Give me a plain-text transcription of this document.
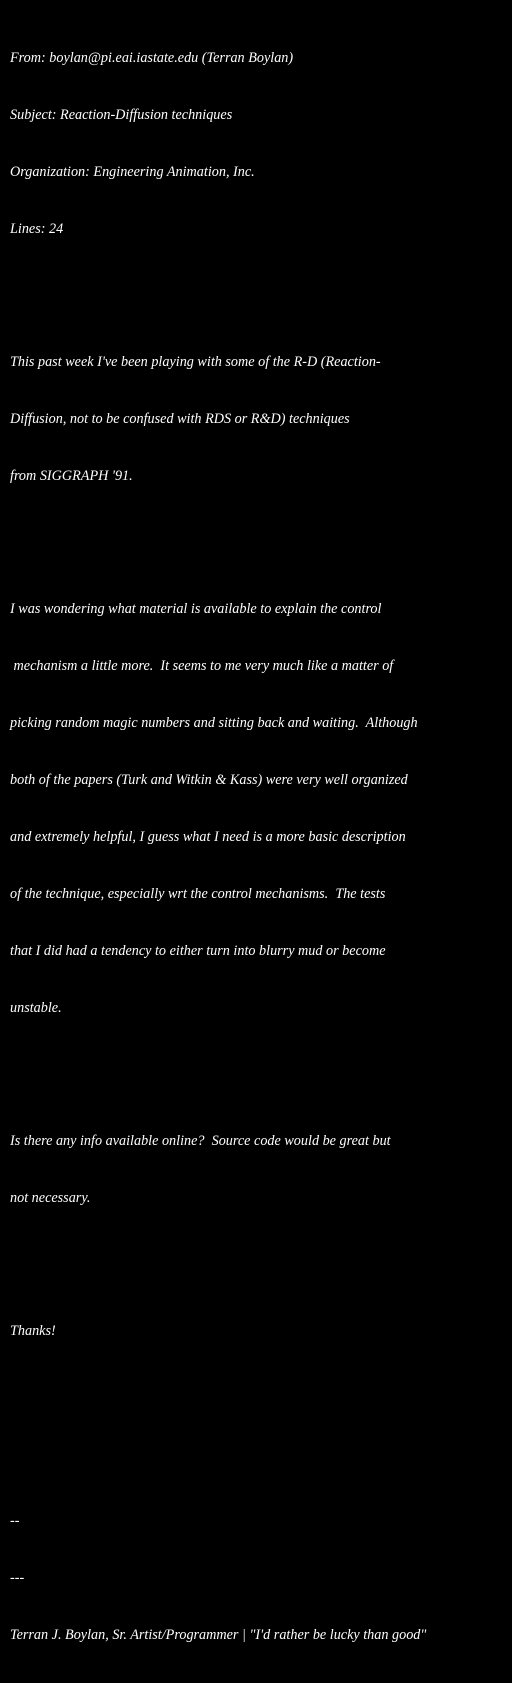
From: boylan@pi.eai.iastate.edu (Terran Boylan)

Subject: Reaction-Diffusion techniques

Organization: Engineering Animation, Inc.

Lines: 24

This past week I've been playing with some of the R-D (Reaction-

Diffusion, not to be confused with RDS or R&D) techniques

from SIGGRAPH '91.

I was wondering what material is available to explain the control

mechanism a little more.  It seems to me very much like a matter of

picking random magic numbers and sitting back and waiting.  Although

both of the papers (Turk and Witkin & Kass) were very well organized

and extremely helpful, I guess what I need is a more basic description

of the technique, especially wrt the control mechanisms.  The tests

that I did had a tendency to either turn into blurry mud or become

unstable.

Is there any info available online?  Source code would be great but

not necessary.

Thanks!

--

---

Terran J. Boylan, Sr. Artist/Programmer | "I'd rather be lucky than good"
